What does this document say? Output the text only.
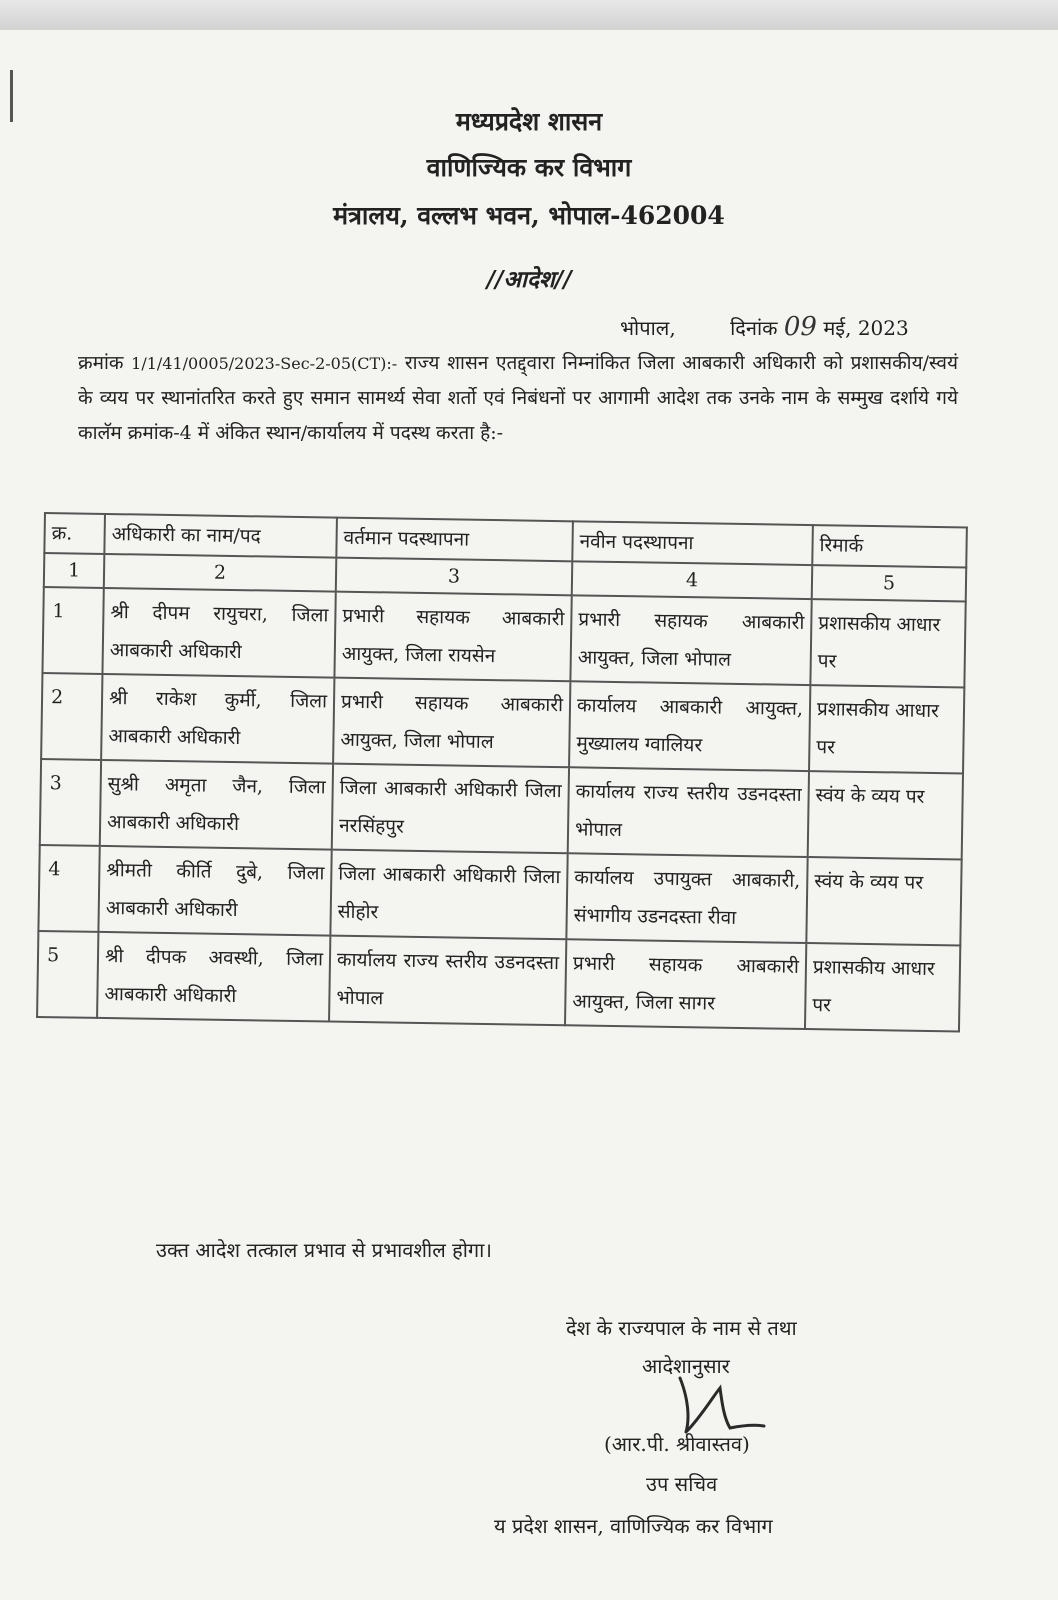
मध्यप्रदेश शासन
वाणिज्यिक कर विभाग
मंत्रालय, वल्लभ भवन, भोपाल-462004
//आदेश//
भोपाल,	दिनांक 09 मई, 2023
क्रमांक 1/1/41/0005/2023-Sec-2-05(CT):- राज्य शासन एतद्द्वारा निम्नांकित जिला आबकारी अधिकारी को प्रशासकीय/स्वयं के व्यय पर स्थानांतरित करते हुए समान सामर्थ्य सेवा शर्तो एवं निबंधनों पर आगामी आदेश तक उनके नाम के सम्मुख दर्शाये गये कालॅम क्रमांक-4 में अंकित स्थान/कार्यालय में पदस्थ करता है:-
क्र.	अधिकारी का नाम/पद	वर्तमान पदस्थापना	नवीन पदस्थापना	रिमार्क
1	2	3	4	5
1	श्री दीपम रायुचरा, जिला आबकारी अधिकारी	प्रभारी सहायक आबकारी आयुक्त, जिला रायसेन	प्रभारी सहायक आबकारी आयुक्त, जिला भोपाल	प्रशासकीय आधार पर
2	श्री राकेश कुर्मी, जिला आबकारी अधिकारी	प्रभारी सहायक आबकारी आयुक्त, जिला भोपाल	कार्यालय आबकारी आयुक्त, मुख्यालय ग्वालियर	प्रशासकीय आधार पर
3	सुश्री अमृता जैन, जिला आबकारी अधिकारी	जिला आबकारी अधिकारी जिला नरसिंहपुर	कार्यालय राज्य स्तरीय उडनदस्ता भोपाल	स्वंय के व्यय पर
4	श्रीमती कीर्ति दुबे, जिला आबकारी अधिकारी	जिला आबकारी अधिकारी जिला सीहोर	कार्यालय उपायुक्त आबकारी, संभागीय उडनदस्ता रीवा	स्वंय के व्यय पर
5	श्री दीपक अवस्थी, जिला आबकारी अधिकारी	कार्यालय राज्य स्तरीय उडनदस्ता भोपाल	प्रभारी सहायक आबकारी आयुक्त, जिला सागर	प्रशासकीय आधार पर
उक्त आदेश तत्काल प्रभाव से प्रभावशील होगा।
देश के राज्यपाल के नाम से तथा
आदेशानुसार
(आर.पी. श्रीवास्तव)
उप सचिव
य प्रदेश शासन, वाणिज्यिक कर विभाग
